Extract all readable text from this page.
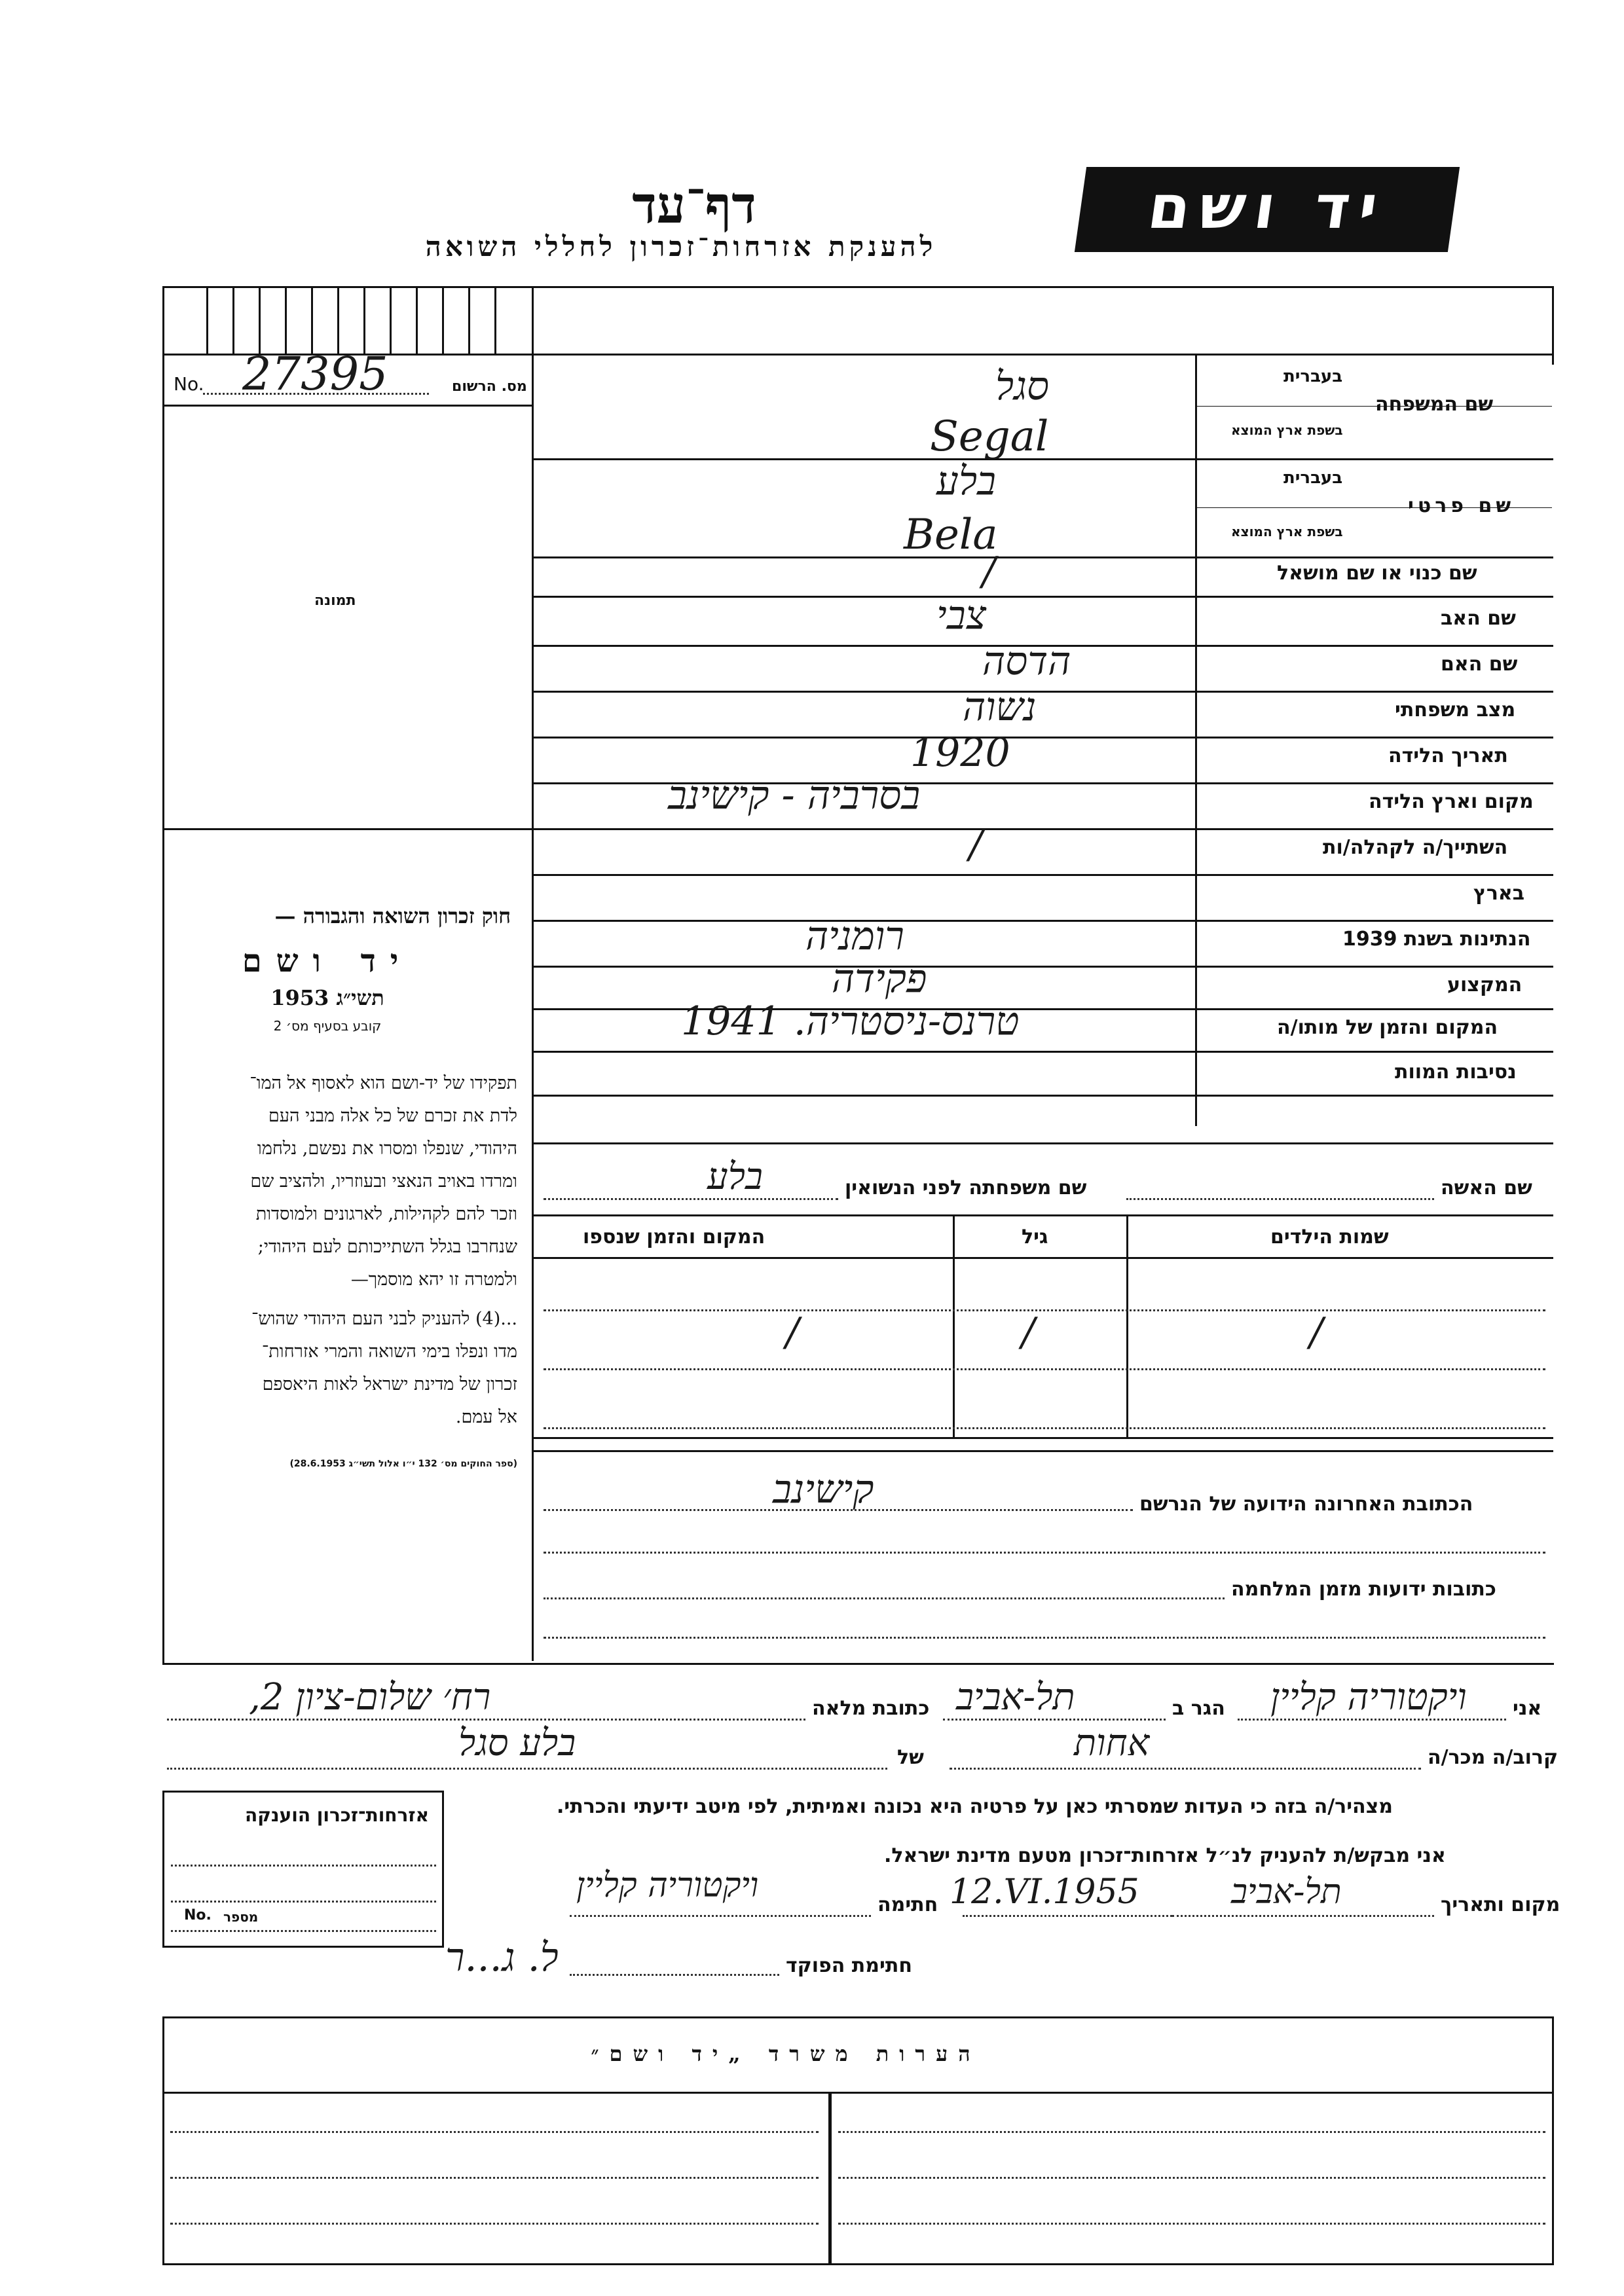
יד ושם
דף־עד
להענקת אזרחות־זכרון לחללי השואה
No. 27395	מס. הרשום
תמונה
חוק זכרון השואה והגבורה —
יד ושם
תשי״ג 1953
קובע בסעיף מס׳ 2
תפקידו של יד-ושם הוא לאסוף אל המו־
לדת את זכרם של כל אלה מבני העם
היהודי, שנפלו ומסרו את נפשם, נלחמו
ומרדו באויב הנאצי ובעוזריו, ולהציב שם
וזכר להם לקהילות, לארגונים ולמוסדות
שנחרבו בגלל השתייכותם לעם היהודי;
ולמטרה זו יהא מוסמך—
...(4) להעניק לבני העם היהודי שהוש־
מדו ונפלו בימי השואה והמרי אזרחות־
זכרון של מדינת ישראל לאות היאספם
אל עמם.
(ספר החוקים מס׳ 132 י״ו אלול תשי״ג 28.6.1953)
שם המשפחה
בעברית
בשפת ארץ המוצא
סגל
Segal
שם פרטי
בעברית
בשפת ארץ המוצא
בלע
Bela
שם כנוי או שם מושאל
/
שם האב
צבי
שם האם
הדסה
מצב משפחתי
נשוה
תאריך הלידה
1920
מקום וארץ הלידה
בסרביה - קישינב
השתייך/ה לקהלה/ות
/
בארץ
הנתינות בשנת 1939
רומניה
המקצוע
פקידה
המקום והזמן של מותו/ה
טרנס-ניסטריה. 1941
נסיבות המוות
שם האשה
שם משפחתה לפני הנשואין
בלע
שמות הילדים
גיל
המקום והזמן שנספו
/
/
/
הכתובת האחרונה הידועה של הנרשם
קישינב
כתובות ידועות מזמן המלחמה
אני
ויקטוריה קליין
הגר ב
תל-אביב
כתובת מלאה
רח׳ שלום-ציון 2,
קרוב/ה מכר/ה
אחות
של
בלע סגל
מצהיר/ה בזה כי העדות שמסרתי כאן על פרטיה היא נכונה ואמיתית, לפי מיטב ידיעתי והכרתי.
אני מבקש/ת להעניק לנ״ל אזרחות־זכרון מטעם מדינת ישראל.
מקום ותאריך
תל-אביב
12.VI.1955
חתימה
ויקטוריה קליין
חתימת הפוקד
ל. ג...ר
אזרחות־זכרון הוענקה
מספר
No.
הערות משרד „יד ושם״
